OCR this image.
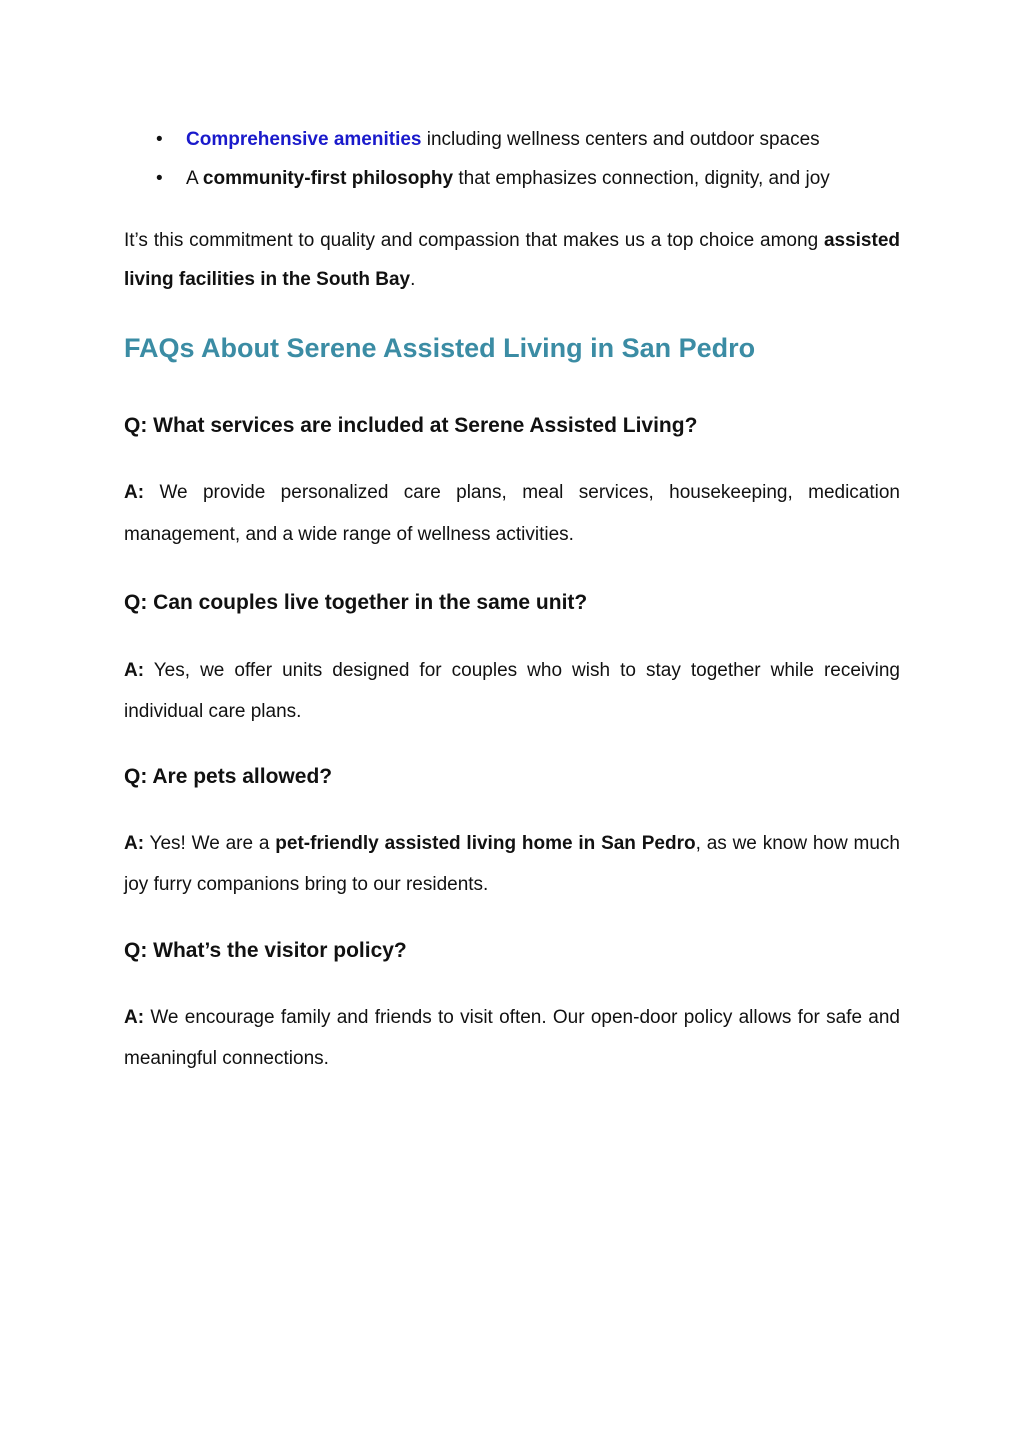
• Comprehensive amenities including wellness centers and outdoor spaces
• A community-first philosophy that emphasizes connection, dignity, and joy

It’s this commitment to quality and compassion that makes us a top choice among assisted living facilities in the South Bay.

FAQs About Serene Assisted Living in San Pedro
Q: What services are included at Serene Assisted Living?

A: We provide personalized care plans, meal services, housekeeping, medication management, and a wide range of wellness activities.

Q: Can couples live together in the same unit?

A: Yes, we offer units designed for couples who wish to stay together while receiving individual care plans.

Q: Are pets allowed?

A: Yes! We are a pet-friendly assisted living home in San Pedro, as we know how much joy furry companions bring to our residents.

Q: What’s the visitor policy?

A: We encourage family and friends to visit often. Our open-door policy allows for safe and meaningful connections.
